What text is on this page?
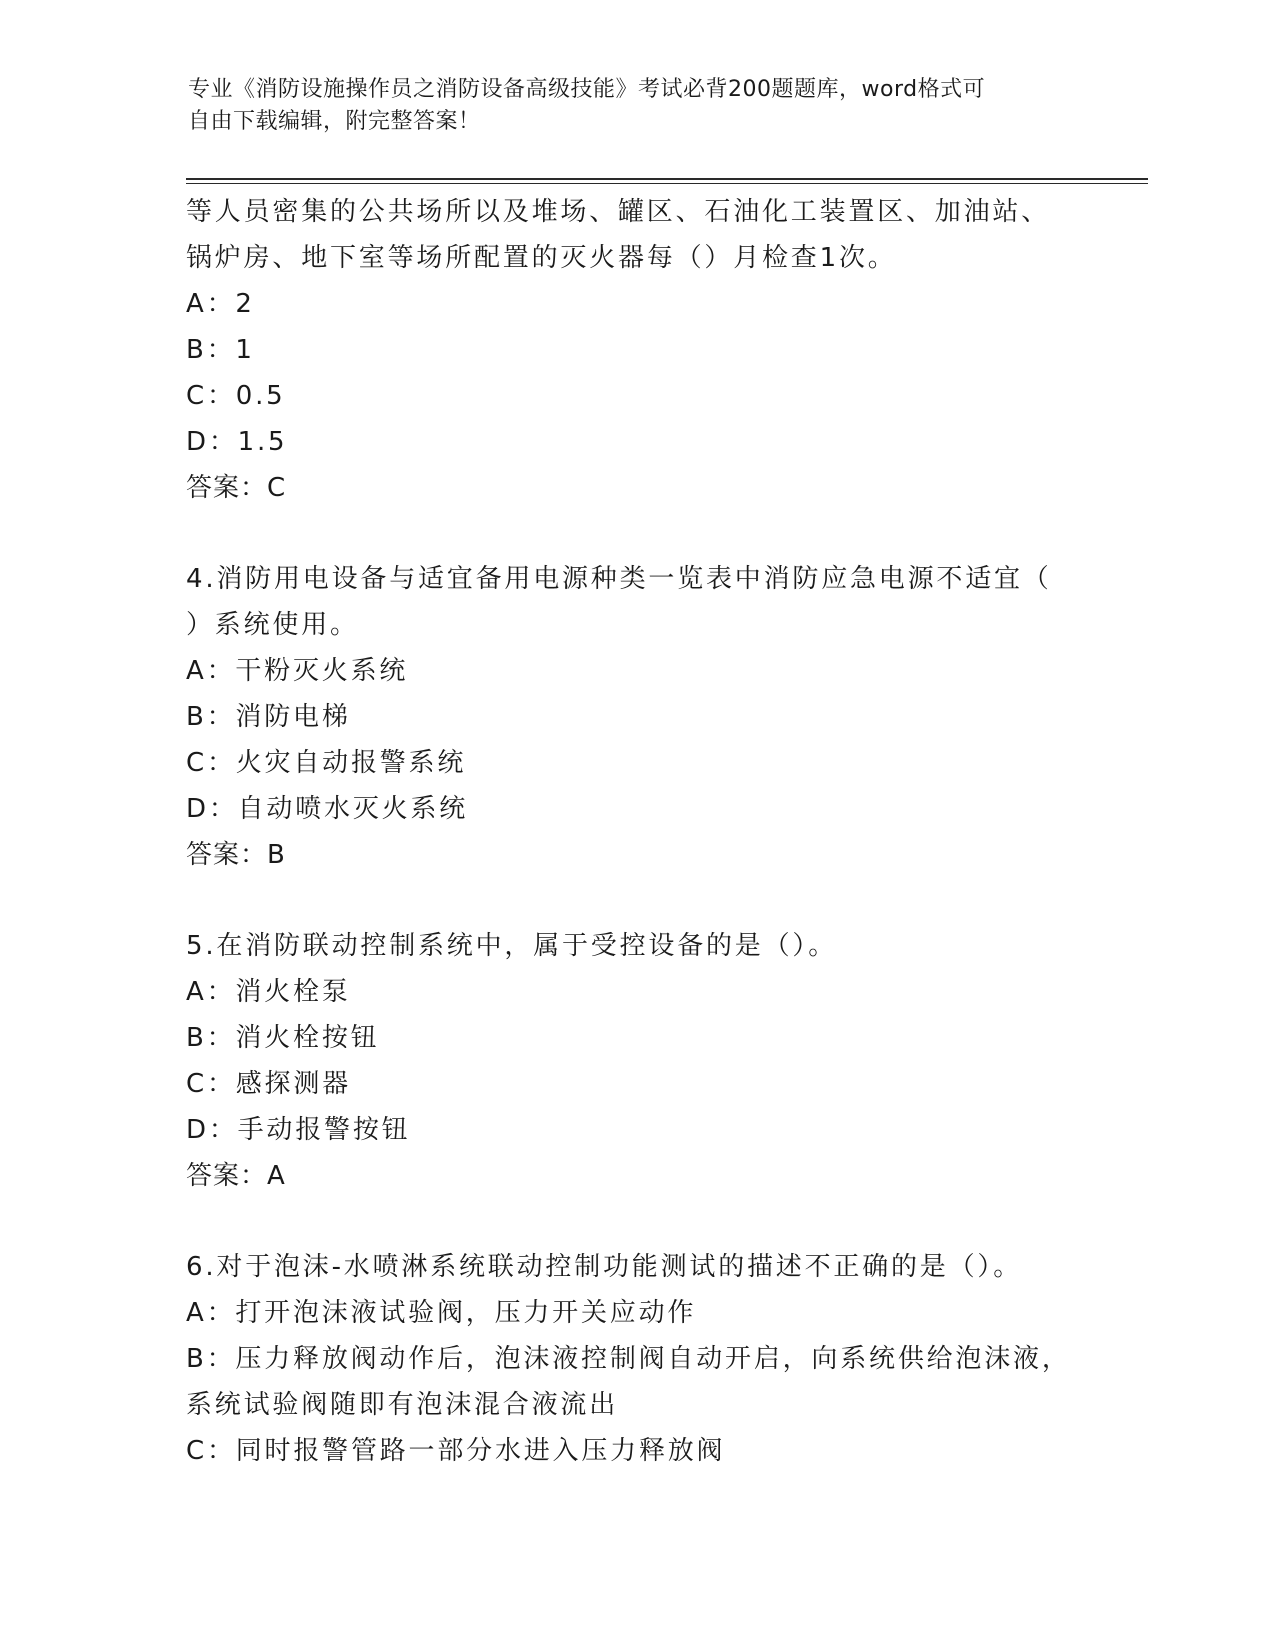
专业《消防设施操作员之消防设备高级技能》考试必背200题题库，word格式可
自由下载编辑，附完整答案！
等人员密集的公共场所以及堆场、罐区、石油化工装置区、加油站、
锅炉房、地下室等场所配置的灭火器每（）月检查1次。
A：2
B：1
C：0.5
D：1.5
答案：C
4.消防用电设备与适宜备用电源种类一览表中消防应急电源不适宜（
）系统使用。
A：干粉灭火系统
B：消防电梯
C：火灾自动报警系统
D：自动喷水灭火系统
答案：B
5.在消防联动控制系统中，属于受控设备的是（）。
A：消火栓泵
B：消火栓按钮
C：感探测器
D：手动报警按钮
答案：A
6.对于泡沫-水喷淋系统联动控制功能测试的描述不正确的是（）。
A：打开泡沫液试验阀，压力开关应动作
B：压力释放阀动作后，泡沫液控制阀自动开启，向系统供给泡沫液，
系统试验阀随即有泡沫混合液流出
C：同时报警管路一部分水进入压力释放阀
